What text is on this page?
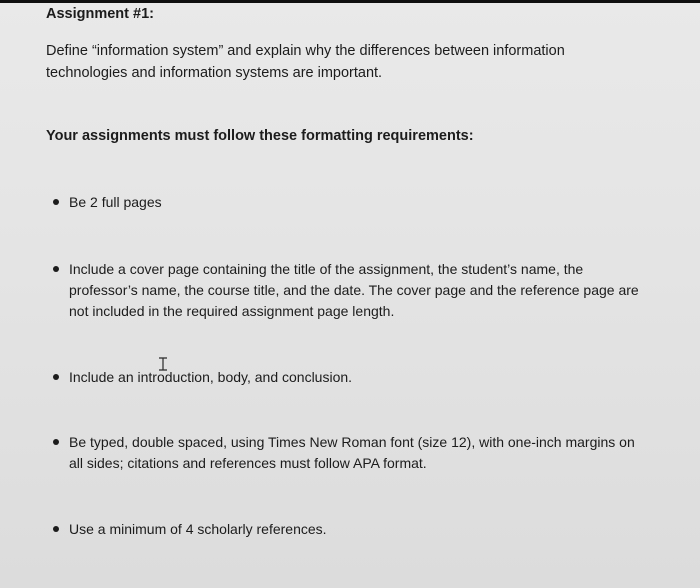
Assignment #1:

Define “information system” and explain why the differences between information technologies and information systems are important.

Your assignments must follow these formatting requirements:
Be 2 full pages
Include a cover page containing the title of the assignment, the student’s name, the professor’s name, the course title, and the date. The cover page and the reference page are not included in the required assignment page length.
Include an introduction, body, and conclusion.
Be typed, double spaced, using Times New Roman font (size 12), with one-inch margins on all sides; citations and references must follow APA format.
Use a minimum of 4 scholarly references.
